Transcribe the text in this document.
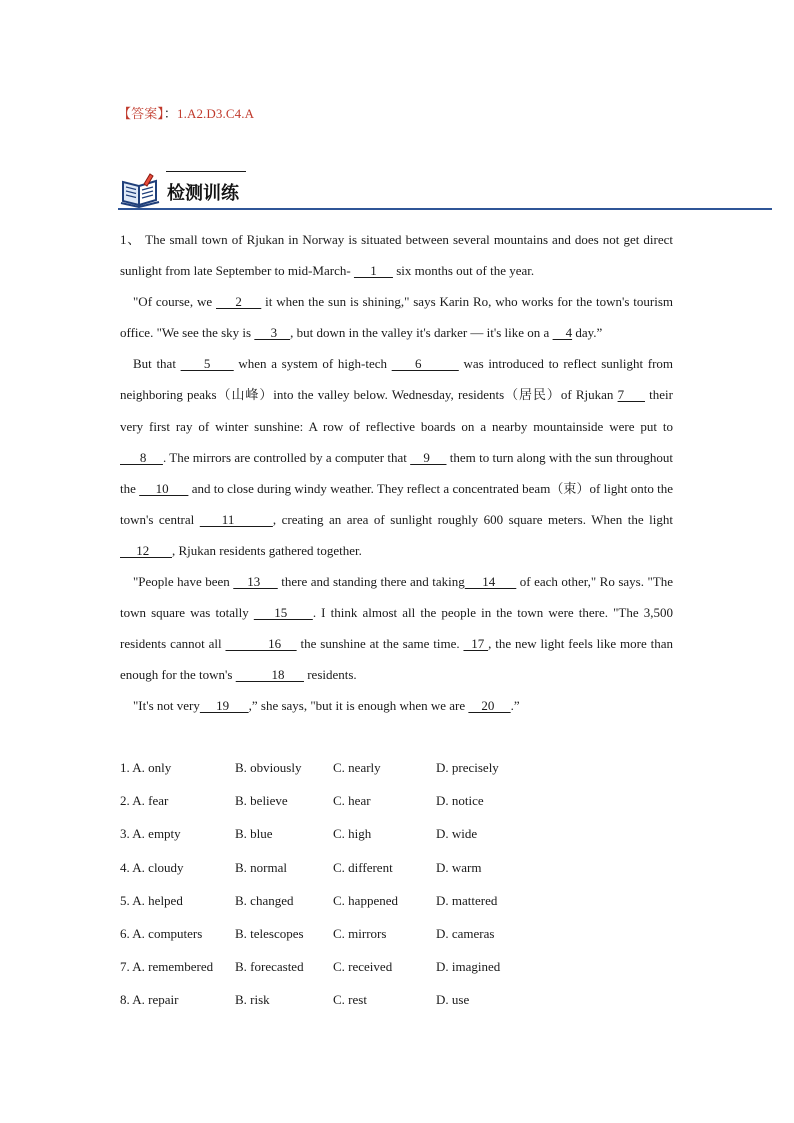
【答案】：1.A2.D3.C4.A
检测训练

1、 The small town of Rjukan in Norway is situated between several mountains and does not get direct sunlight from late September to mid-March-      1      six months out of the year.

"Of course, we      2      it when the sun is shining," says Karin Ro, who works for the town's tourism office. "We see the sky is      3    , but down in the valley it's darker — it's like on a     4 day.”

But that      5      when a system of high-tech      6         was introduced to reflect sunlight from neighboring peaks（山峰）into the valley below. Wednesday, residents（居民）of Rjukan 7      their very first ray of winter sunshine: A row of reflective boards on a nearby mountainside were put to       8     . The mirrors are controlled by a computer that     9      them to turn along with the sun throughout the      10       and to close during windy weather. They reflect a concentrated beam（束）of light onto the town's central     11       , creating an area of sunlight roughly 600 square meters. When the light      12       , Rjukan residents gathered together.

"People have been     13      there and standing there and taking     14       of each other," Ro says. "The town square was totally     15     . I think almost all the people in the town were there. "The 3,500 residents cannot all            16     the sunshine at the same time.   17 , the new light feels like more than enough for the town's            18       residents.

"It's not very     19      ,” she says, "but it is enough when we are     20     .”

1. A. only	B. obviously C. nearly	D. precisely
2. A. fear	B. believe	C. hear	D. notice
3. A. empty	B. blue	C. high	D. wide
4. A. cloudy	B. normal	C. different	D. warm
5. A. helped	B. changed	C. happened	D. mattered
6. A. computers	B. telescopes C. mirrors	D. cameras
7. A. remembered B. forecasted C. received	D. imagined
8. A. repair	B. risk	C. rest	D. use
